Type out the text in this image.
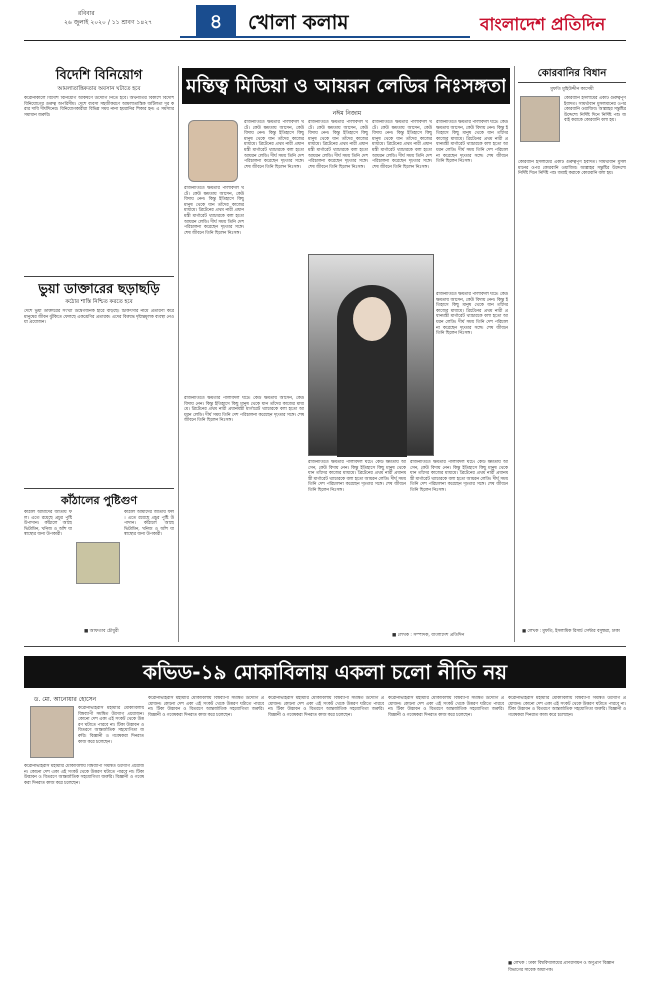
রবিবার
২৬ জুলাই ২০২০ / ১১ শ্রাবণ ১৪২৭	৪	খোলা কলাম	বাংলাদেশ প্রতিদিন
বিদেশি বিনিয়োগ
আমলাতান্ত্রিকতার অবসান ঘটাতে হবে
করোনাকালে বিদেশি বিনিয়োগ আকর্ষণে উদ্যোগ নিতে হবে। অর্থনীতির বিকাশে বিদেশি বিনিয়োগের গুরুত্ব অপরিসীম। দেশে ব্যবসা সহজীকরণে আমলাতান্ত্রিক জটিলতা দূর করার দাবি দীর্ঘদিনের। বিনিয়োগকারীরা বিভিন্ন সময় নানা হয়রানির শিকার হন। এ সমস্যার সমাধান জরুরি।
ভুয়া ডাক্তারের ছড়াছড়ি
কঠোর শাস্তি নিশ্চিত করতে হবে
দেশে ভুয়া ডাক্তারের সংখ্যা উদ্বেগজনক হারে বাড়ছে। চিকিৎসার নামে প্রতারণা করে মানুষের জীবন ঝুঁকিতে ফেলছে একশ্রেণির প্রতারক। এদের বিরুদ্ধে দৃষ্টান্তমূলক ব্যবস্থা নেওয়া প্রয়োজন।
কাঁঠালের পুষ্টিগুণ
কাঁঠাল আমাদের জাতীয় ফল। এতে রয়েছে প্রচুর পুষ্টি উপাদান। কাঁঠালে আছে ভিটামিন, খনিজ ও আঁশ যা স্বাস্থ্যের জন্য উপকারী।
কাঁঠাল আমাদের জাতীয় ফল। এতে রয়েছে প্রচুর পুষ্টি উপাদান। কাঁঠালে আছে ভিটামিন, খনিজ ও আঁশ যা স্বাস্থ্যের জন্য উপকারী।
■ আফতাব চৌধুরী
মন্তিত্ব মিডিয়া ও আয়রন লেডির নিঃসঙ্গতা
নঈম নিজাম
রাজনীতিতে ক্ষমতার পালাবদল ঘটে। কেউ ক্ষমতায় আসেন, কেউ বিদায় নেন। কিন্তু ইতিহাসে কিছু মানুষ থেকে যান তাঁদের কাজের মাধ্যমে। ব্রিটেনের প্রথম নারী প্রধানমন্ত্রী মার্গারেট থ্যাচারকে বলা হতো আয়রন লেডি। দীর্ঘ সময় তিনি দেশ পরিচালনা করেছেন দৃঢ়তার সঙ্গে। শেষ জীবনে তিনি ছিলেন নিঃসঙ্গ।
রাজনীতিতে ক্ষমতার পালাবদল ঘটে। কেউ ক্ষমতায় আসেন, কেউ বিদায় নেন। কিন্তু ইতিহাসে কিছু মানুষ থেকে যান তাঁদের কাজের মাধ্যমে। ব্রিটেনের প্রথম নারী প্রধানমন্ত্রী মার্গারেট থ্যাচারকে বলা হতো আয়রন লেডি। দীর্ঘ সময় তিনি দেশ পরিচালনা করেছেন দৃঢ়তার সঙ্গে। শেষ জীবনে তিনি ছিলেন নিঃসঙ্গ।
রাজনীতিতে ক্ষমতার পালাবদল ঘটে। কেউ ক্ষমতায় আসেন, কেউ বিদায় নেন। কিন্তু ইতিহাসে কিছু মানুষ থেকে যান তাঁদের কাজের মাধ্যমে। ব্রিটেনের প্রথম নারী প্রধানমন্ত্রী মার্গারেট থ্যাচারকে বলা হতো আয়রন লেডি। দীর্ঘ সময় তিনি দেশ পরিচালনা করেছেন দৃঢ়তার সঙ্গে। শেষ জীবনে তিনি ছিলেন নিঃসঙ্গ।
রাজনীতিতে ক্ষমতার পালাবদল ঘটে। কেউ ক্ষমতায় আসেন, কেউ বিদায় নেন। কিন্তু ইতিহাসে কিছু মানুষ থেকে যান তাঁদের কাজের মাধ্যমে। ব্রিটেনের প্রথম নারী প্রধানমন্ত্রী মার্গারেট থ্যাচারকে বলা হতো আয়রন লেডি। দীর্ঘ সময় তিনি দেশ পরিচালনা করেছেন দৃঢ়তার সঙ্গে। শেষ জীবনে তিনি ছিলেন নিঃসঙ্গ।
রাজনীতিতে ক্ষমতার পালাবদল ঘটে। কেউ ক্ষমতায় আসেন, কেউ বিদায় নেন। কিন্তু ইতিহাসে কিছু মানুষ থেকে যান তাঁদের কাজের মাধ্যমে। ব্রিটেনের প্রথম নারী প্রধানমন্ত্রী মার্গারেট থ্যাচারকে বলা হতো আয়রন লেডি। দীর্ঘ সময় তিনি দেশ পরিচালনা করেছেন দৃঢ়তার সঙ্গে। শেষ জীবনে তিনি ছিলেন নিঃসঙ্গ।
রাজনীতিতে ক্ষমতার পালাবদল ঘটে। কেউ ক্ষমতায় আসেন, কেউ বিদায় নেন। কিন্তু ইতিহাসে কিছু মানুষ থেকে যান তাঁদের কাজের মাধ্যমে। ব্রিটেনের প্রথম নারী প্রধানমন্ত্রী মার্গারেট থ্যাচারকে বলা হতো আয়রন লেডি। দীর্ঘ সময় তিনি দেশ পরিচালনা করেছেন দৃঢ়তার সঙ্গে। শেষ জীবনে তিনি ছিলেন নিঃসঙ্গ।
রাজনীতিতে ক্ষমতার পালাবদল ঘটে। কেউ ক্ষমতায় আসেন, কেউ বিদায় নেন। কিন্তু ইতিহাসে কিছু মানুষ থেকে যান তাঁদের কাজের মাধ্যমে। ব্রিটেনের প্রথম নারী প্রধানমন্ত্রী মার্গারেট থ্যাচারকে বলা হতো আয়রন লেডি। দীর্ঘ সময় তিনি দেশ পরিচালনা করেছেন দৃঢ়তার সঙ্গে। শেষ জীবনে তিনি ছিলেন নিঃসঙ্গ।
রাজনীতিতে ক্ষমতার পালাবদল ঘটে। কেউ ক্ষমতায় আসেন, কেউ বিদায় নেন। কিন্তু ইতিহাসে কিছু মানুষ থেকে যান তাঁদের কাজের মাধ্যমে। ব্রিটেনের প্রথম নারী প্রধানমন্ত্রী মার্গারেট থ্যাচারকে বলা হতো আয়রন লেডি। দীর্ঘ সময় তিনি দেশ পরিচালনা করেছেন দৃঢ়তার সঙ্গে। শেষ জীবনে তিনি ছিলেন নিঃসঙ্গ।
রাজনীতিতে ক্ষমতার পালাবদল ঘটে। কেউ ক্ষমতায় আসেন, কেউ বিদায় নেন। কিন্তু ইতিহাসে কিছু মানুষ থেকে যান তাঁদের কাজের মাধ্যমে। ব্রিটেনের প্রথম নারী প্রধানমন্ত্রী মার্গারেট থ্যাচারকে বলা হতো আয়রন লেডি। দীর্ঘ সময় তিনি দেশ পরিচালনা করেছেন দৃঢ়তার সঙ্গে। শেষ জীবনে তিনি ছিলেন নিঃসঙ্গ।
■ লেখক : সম্পাদক, বাংলাদেশ প্রতিদিন
কোরবানির বিধান
মুফতি মুহিউদ্দীন কাসেমী
কোরবানি ইসলামের একটি গুরুত্বপূর্ণ ইবাদত। সামর্থ্যবান মুসলমানের ওপর কোরবানি ওয়াজিব। আল্লাহর সন্তুষ্টির উদ্দেশ্যে নির্দিষ্ট দিনে নির্দিষ্ট পশু জবাই করাকে কোরবানি বলা হয়।
কোরবানি ইসলামের একটি গুরুত্বপূর্ণ ইবাদত। সামর্থ্যবান মুসলমানের ওপর কোরবানি ওয়াজিব। আল্লাহর সন্তুষ্টির উদ্দেশ্যে নির্দিষ্ট দিনে নির্দিষ্ট পশু জবাই করাকে কোরবানি বলা হয়।
■ লেখক : মুফতি, ইসলামিক রিসার্চ সেন্টার বসুন্ধরা, ঢাকা
কভিড-১৯ মোকাবিলায় একলা চলো নীতি নয়
ড. মো. আনোয়ার হোসেন
করোনাভাইরাস মহামারি মোকাবিলায় বিশ্বব্যাপী সমন্বিত উদ্যোগ প্রয়োজন। কোনো দেশ একা এই সংকট থেকে উত্তরণ ঘটাতে পারবে না। টিকা উদ্ভাবন ও বিতরণে আন্তর্জাতিক সহযোগিতা জরুরি। বিজ্ঞানী ও গবেষকরা দিনরাত কাজ করে চলেছেন।
করোনাভাইরাস মহামারি মোকাবিলায় বিশ্বব্যাপী সমন্বিত উদ্যোগ প্রয়োজন। কোনো দেশ একা এই সংকট থেকে উত্তরণ ঘটাতে পারবে না। টিকা উদ্ভাবন ও বিতরণে আন্তর্জাতিক সহযোগিতা জরুরি। বিজ্ঞানী ও গবেষকরা দিনরাত কাজ করে চলেছেন।
করোনাভাইরাস মহামারি মোকাবিলায় বিশ্বব্যাপী সমন্বিত উদ্যোগ প্রয়োজন। কোনো দেশ একা এই সংকট থেকে উত্তরণ ঘটাতে পারবে না। টিকা উদ্ভাবন ও বিতরণে আন্তর্জাতিক সহযোগিতা জরুরি। বিজ্ঞানী ও গবেষকরা দিনরাত কাজ করে চলেছেন।
করোনাভাইরাস মহামারি মোকাবিলায় বিশ্বব্যাপী সমন্বিত উদ্যোগ প্রয়োজন। কোনো দেশ একা এই সংকট থেকে উত্তরণ ঘটাতে পারবে না। টিকা উদ্ভাবন ও বিতরণে আন্তর্জাতিক সহযোগিতা জরুরি। বিজ্ঞানী ও গবেষকরা দিনরাত কাজ করে চলেছেন।
করোনাভাইরাস মহামারি মোকাবিলায় বিশ্বব্যাপী সমন্বিত উদ্যোগ প্রয়োজন। কোনো দেশ একা এই সংকট থেকে উত্তরণ ঘটাতে পারবে না। টিকা উদ্ভাবন ও বিতরণে আন্তর্জাতিক সহযোগিতা জরুরি। বিজ্ঞানী ও গবেষকরা দিনরাত কাজ করে চলেছেন।
করোনাভাইরাস মহামারি মোকাবিলায় বিশ্বব্যাপী সমন্বিত উদ্যোগ প্রয়োজন। কোনো দেশ একা এই সংকট থেকে উত্তরণ ঘটাতে পারবে না। টিকা উদ্ভাবন ও বিতরণে আন্তর্জাতিক সহযোগিতা জরুরি। বিজ্ঞানী ও গবেষকরা দিনরাত কাজ করে চলেছেন।
■ লেখক : ঢাকা বিশ্ববিদ্যালয়ের প্রাণরসায়ন ও অণুপ্রাণ বিজ্ঞান বিভাগের সাবেক অধ্যাপক।
